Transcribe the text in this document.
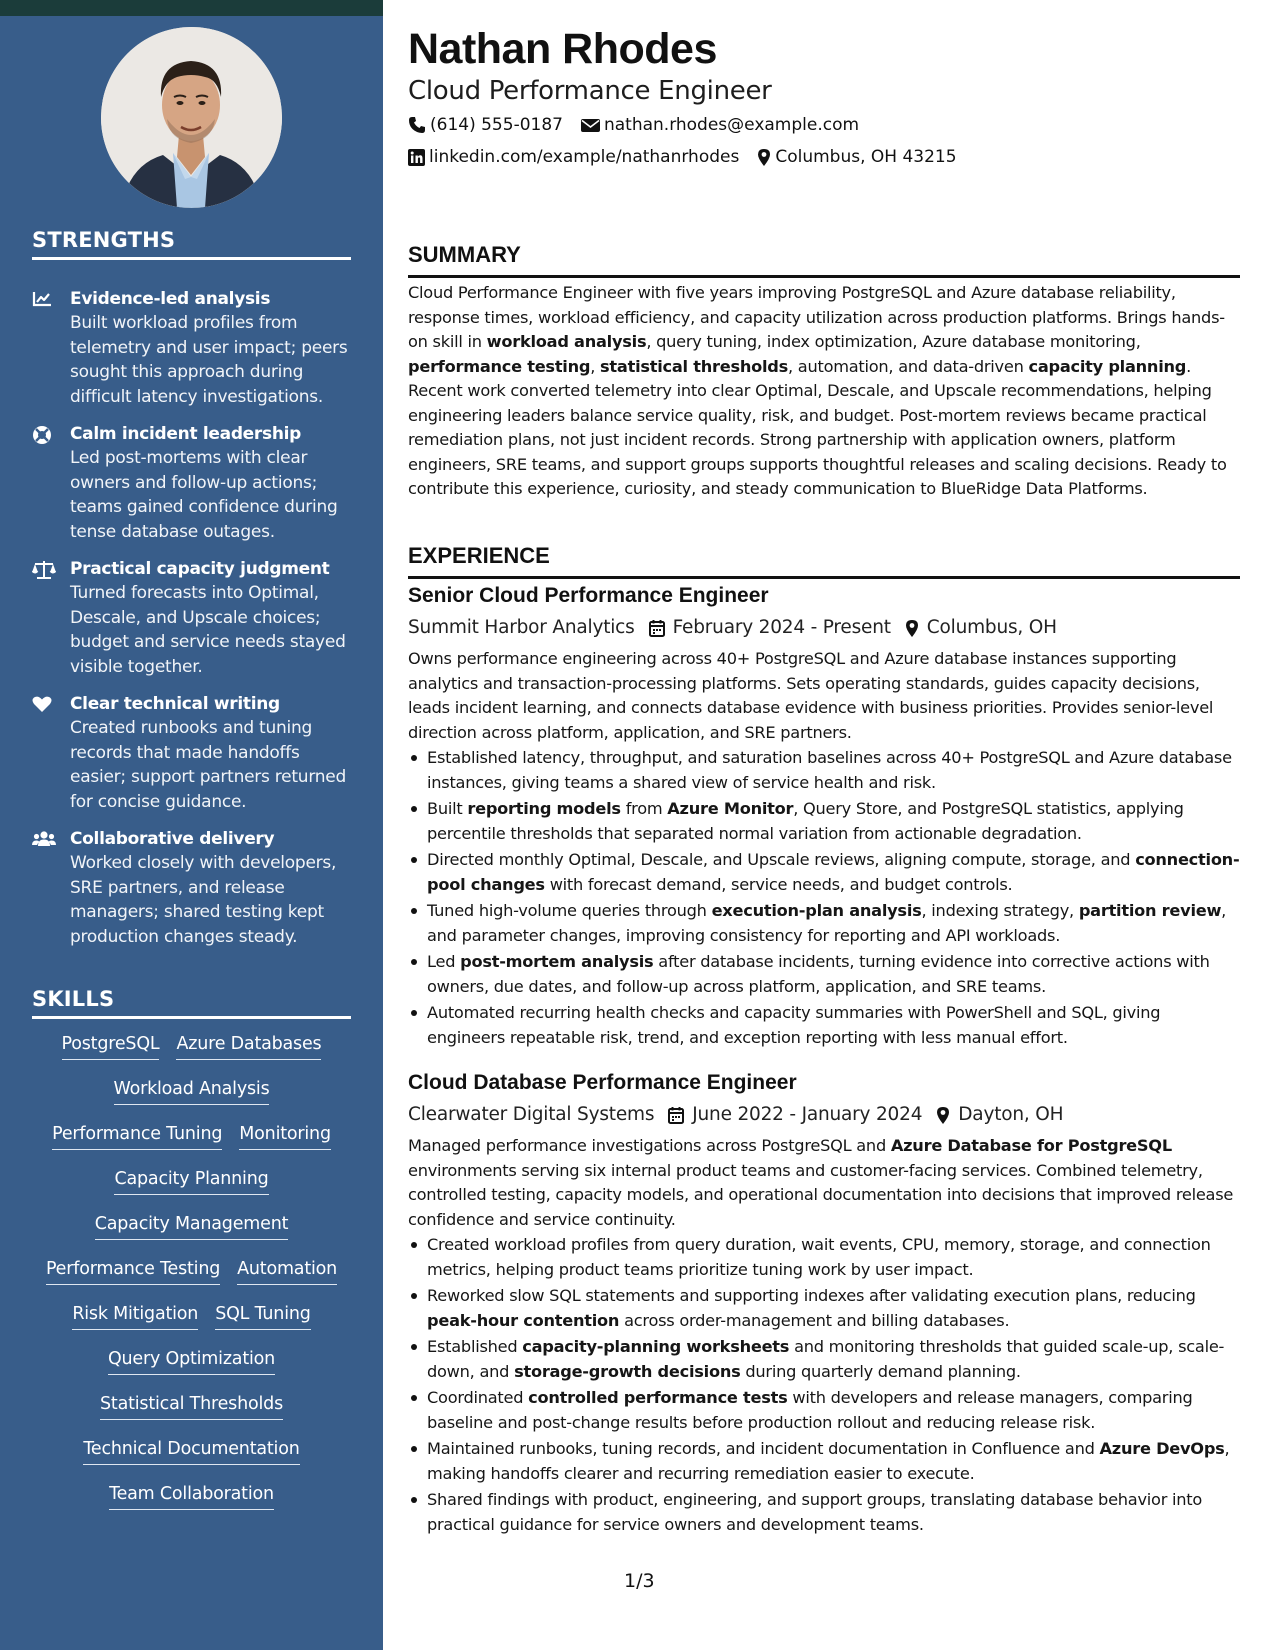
STRENGTHS
Evidence-led analysis
Built workload profiles from telemetry and user impact; peers sought this approach during difficult latency investigations.
Calm incident leadership
Led post-mortems with clear owners and follow-up actions; teams gained confidence during tense database outages.
Practical capacity judgment
Turned forecasts into Optimal, Descale, and Upscale choices; budget and service needs stayed visible together.
Clear technical writing
Created runbooks and tuning records that made handoffs easier; support partners returned for concise guidance.
Collaborative delivery
Worked closely with developers, SRE partners, and release managers; shared testing kept production changes steady.
SKILLS
PostgreSQL Azure Databases
Workload Analysis
Performance Tuning Monitoring
Capacity Planning
Capacity Management
Performance Testing Automation
Risk Mitigation SQL Tuning
Query Optimization
Statistical Thresholds
Technical Documentation
Team Collaboration
Nathan Rhodes
Cloud Performance Engineer
(614) 555-0187 nathan.rhodes@example.com
linkedin.com/example/nathanrhodes Columbus, OH 43215
SUMMARY

Cloud Performance Engineer with five years improving PostgreSQL and Azure database reliability, response times, workload efficiency, and capacity utilization across production platforms. Brings hands-on skill in workload analysis, query tuning, index optimization, Azure database monitoring, performance testing, statistical thresholds, automation, and data-driven capacity planning. Recent work converted telemetry into clear Optimal, Descale, and Upscale recommendations, helping engineering leaders balance service quality, risk, and budget. Post-mortem reviews became practical remediation plans, not just incident records. Strong partnership with application owners, platform engineers, SRE teams, and support groups supports thoughtful releases and scaling decisions. Ready to contribute this experience, curiosity, and steady communication to BlueRidge Data Platforms.

EXPERIENCE
Senior Cloud Performance Engineer
Summit Harbor Analytics February 2024 - Present Columbus, OH

Owns performance engineering across 40+ PostgreSQL and Azure database instances supporting analytics and transaction-processing platforms. Sets operating standards, guides capacity decisions, leads incident learning, and connects database evidence with business priorities. Provides senior-level direction across platform, application, and SRE partners.

Established latency, throughput, and saturation baselines across 40+ PostgreSQL and Azure database instances, giving teams a shared view of service health and risk.
Built reporting models from Azure Monitor, Query Store, and PostgreSQL statistics, applying percentile thresholds that separated normal variation from actionable degradation.
Directed monthly Optimal, Descale, and Upscale reviews, aligning compute, storage, and connection-pool changes with forecast demand, service needs, and budget controls.
Tuned high-volume queries through execution-plan analysis, indexing strategy, partition review, and parameter changes, improving consistency for reporting and API workloads.
Led post-mortem analysis after database incidents, turning evidence into corrective actions with owners, due dates, and follow-up across platform, application, and SRE teams.
Automated recurring health checks and capacity summaries with PowerShell and SQL, giving engineers repeatable risk, trend, and exception reporting with less manual effort.
Cloud Database Performance Engineer
Clearwater Digital Systems June 2022 - January 2024 Dayton, OH

Managed performance investigations across PostgreSQL and Azure Database for PostgreSQL environments serving six internal product teams and customer-facing services. Combined telemetry, controlled testing, capacity models, and operational documentation into decisions that improved release confidence and service continuity.

Created workload profiles from query duration, wait events, CPU, memory, storage, and connection metrics, helping product teams prioritize tuning work by user impact.
Reworked slow SQL statements and supporting indexes after validating execution plans, reducing peak-hour contention across order-management and billing databases.
Established capacity-planning worksheets and monitoring thresholds that guided scale-up, scale-down, and storage-growth decisions during quarterly demand planning.
Coordinated controlled performance tests with developers and release managers, comparing baseline and post-change results before production rollout and reducing release risk.
Maintained runbooks, tuning records, and incident documentation in Confluence and Azure DevOps, making handoffs clearer and recurring remediation easier to execute.
Shared findings with product, engineering, and support groups, translating database behavior into practical guidance for service owners and development teams.
1/3
